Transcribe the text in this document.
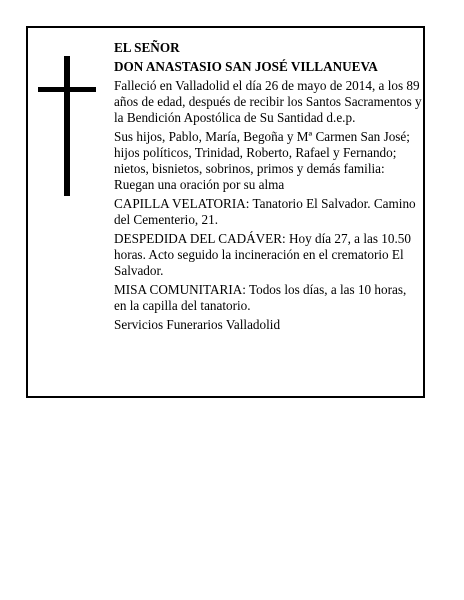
EL SEÑOR

DON ANASTASIO SAN JOSÉ VILLANUEVA

Falleció en Valladolid el día 26 de mayo de 2014, a los 89 años de edad, después de recibir los Santos Sacramentos y la Bendición Apostólica de Su Santidad d.e.p.

Sus hijos, Pablo, María, Begoña y Mª Carmen San José; hijos políticos, Trinidad, Roberto, Rafael y Fernando; nietos, bisnietos, sobrinos, primos y demás familia: Ruegan una oración por su alma

CAPILLA VELATORIA: Tanatorio El Salvador. Camino del Cementerio, 21.

DESPEDIDA DEL CADÁVER: Hoy día 27, a las 10.50 horas. Acto seguido la incineración en el crematorio El Salvador.

MISA COMUNITARIA: Todos los días, a las 10 horas, en la capilla del tanatorio.

Servicios Funerarios Valladolid
